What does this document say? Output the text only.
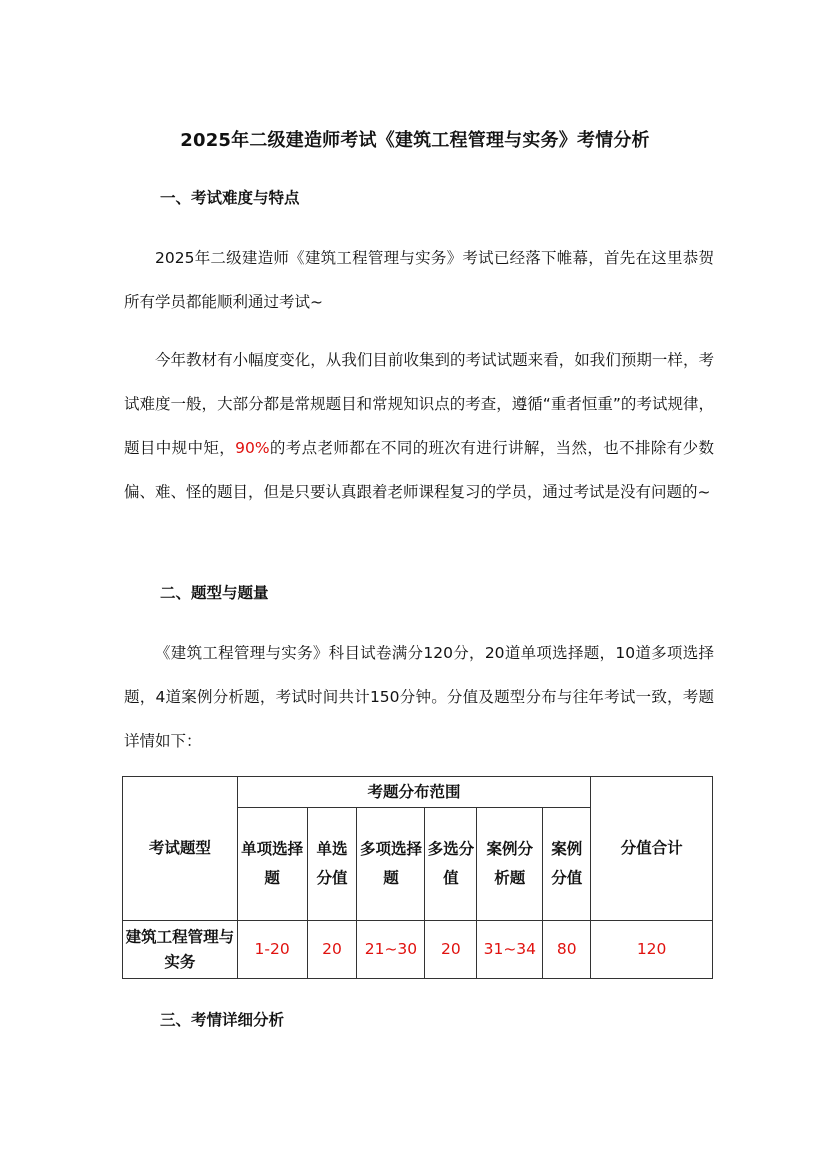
2025年二级建造师考试《建筑工程管理与实务》考情分析
一、考试难度与特点
2025年二级建造师《建筑工程管理与实务》考试已经落下帷幕，首先在这里恭贺所有学员都能顺利通过考试~
今年教材有小幅度变化，从我们目前收集到的考试试题来看，如我们预期一样，考试难度一般，大部分都是常规题目和常规知识点的考查，遵循“重者恒重”的考试规律，题目中规中矩，90%的考点老师都在不同的班次有进行讲解，当然，也不排除有少数偏、难、怪的题目，但是只要认真跟着老师课程复习的学员，通过考试是没有问题的~
二、题型与题量
《建筑工程管理与实务》科目试卷满分120分，20道单项选择题，10道多项选择题，4道案例分析题，考试时间共计150分钟。分值及题型分布与往年考试一致，考题详情如下：
考试题型	考题分布范围						分值合计
	单项选择题	单选分值	多项选择题	多选分值	案例分析题	案例分值	
建筑工程管理与实务	1-20	20	21~30	20	31~34	80	120
三、考情详细分析
